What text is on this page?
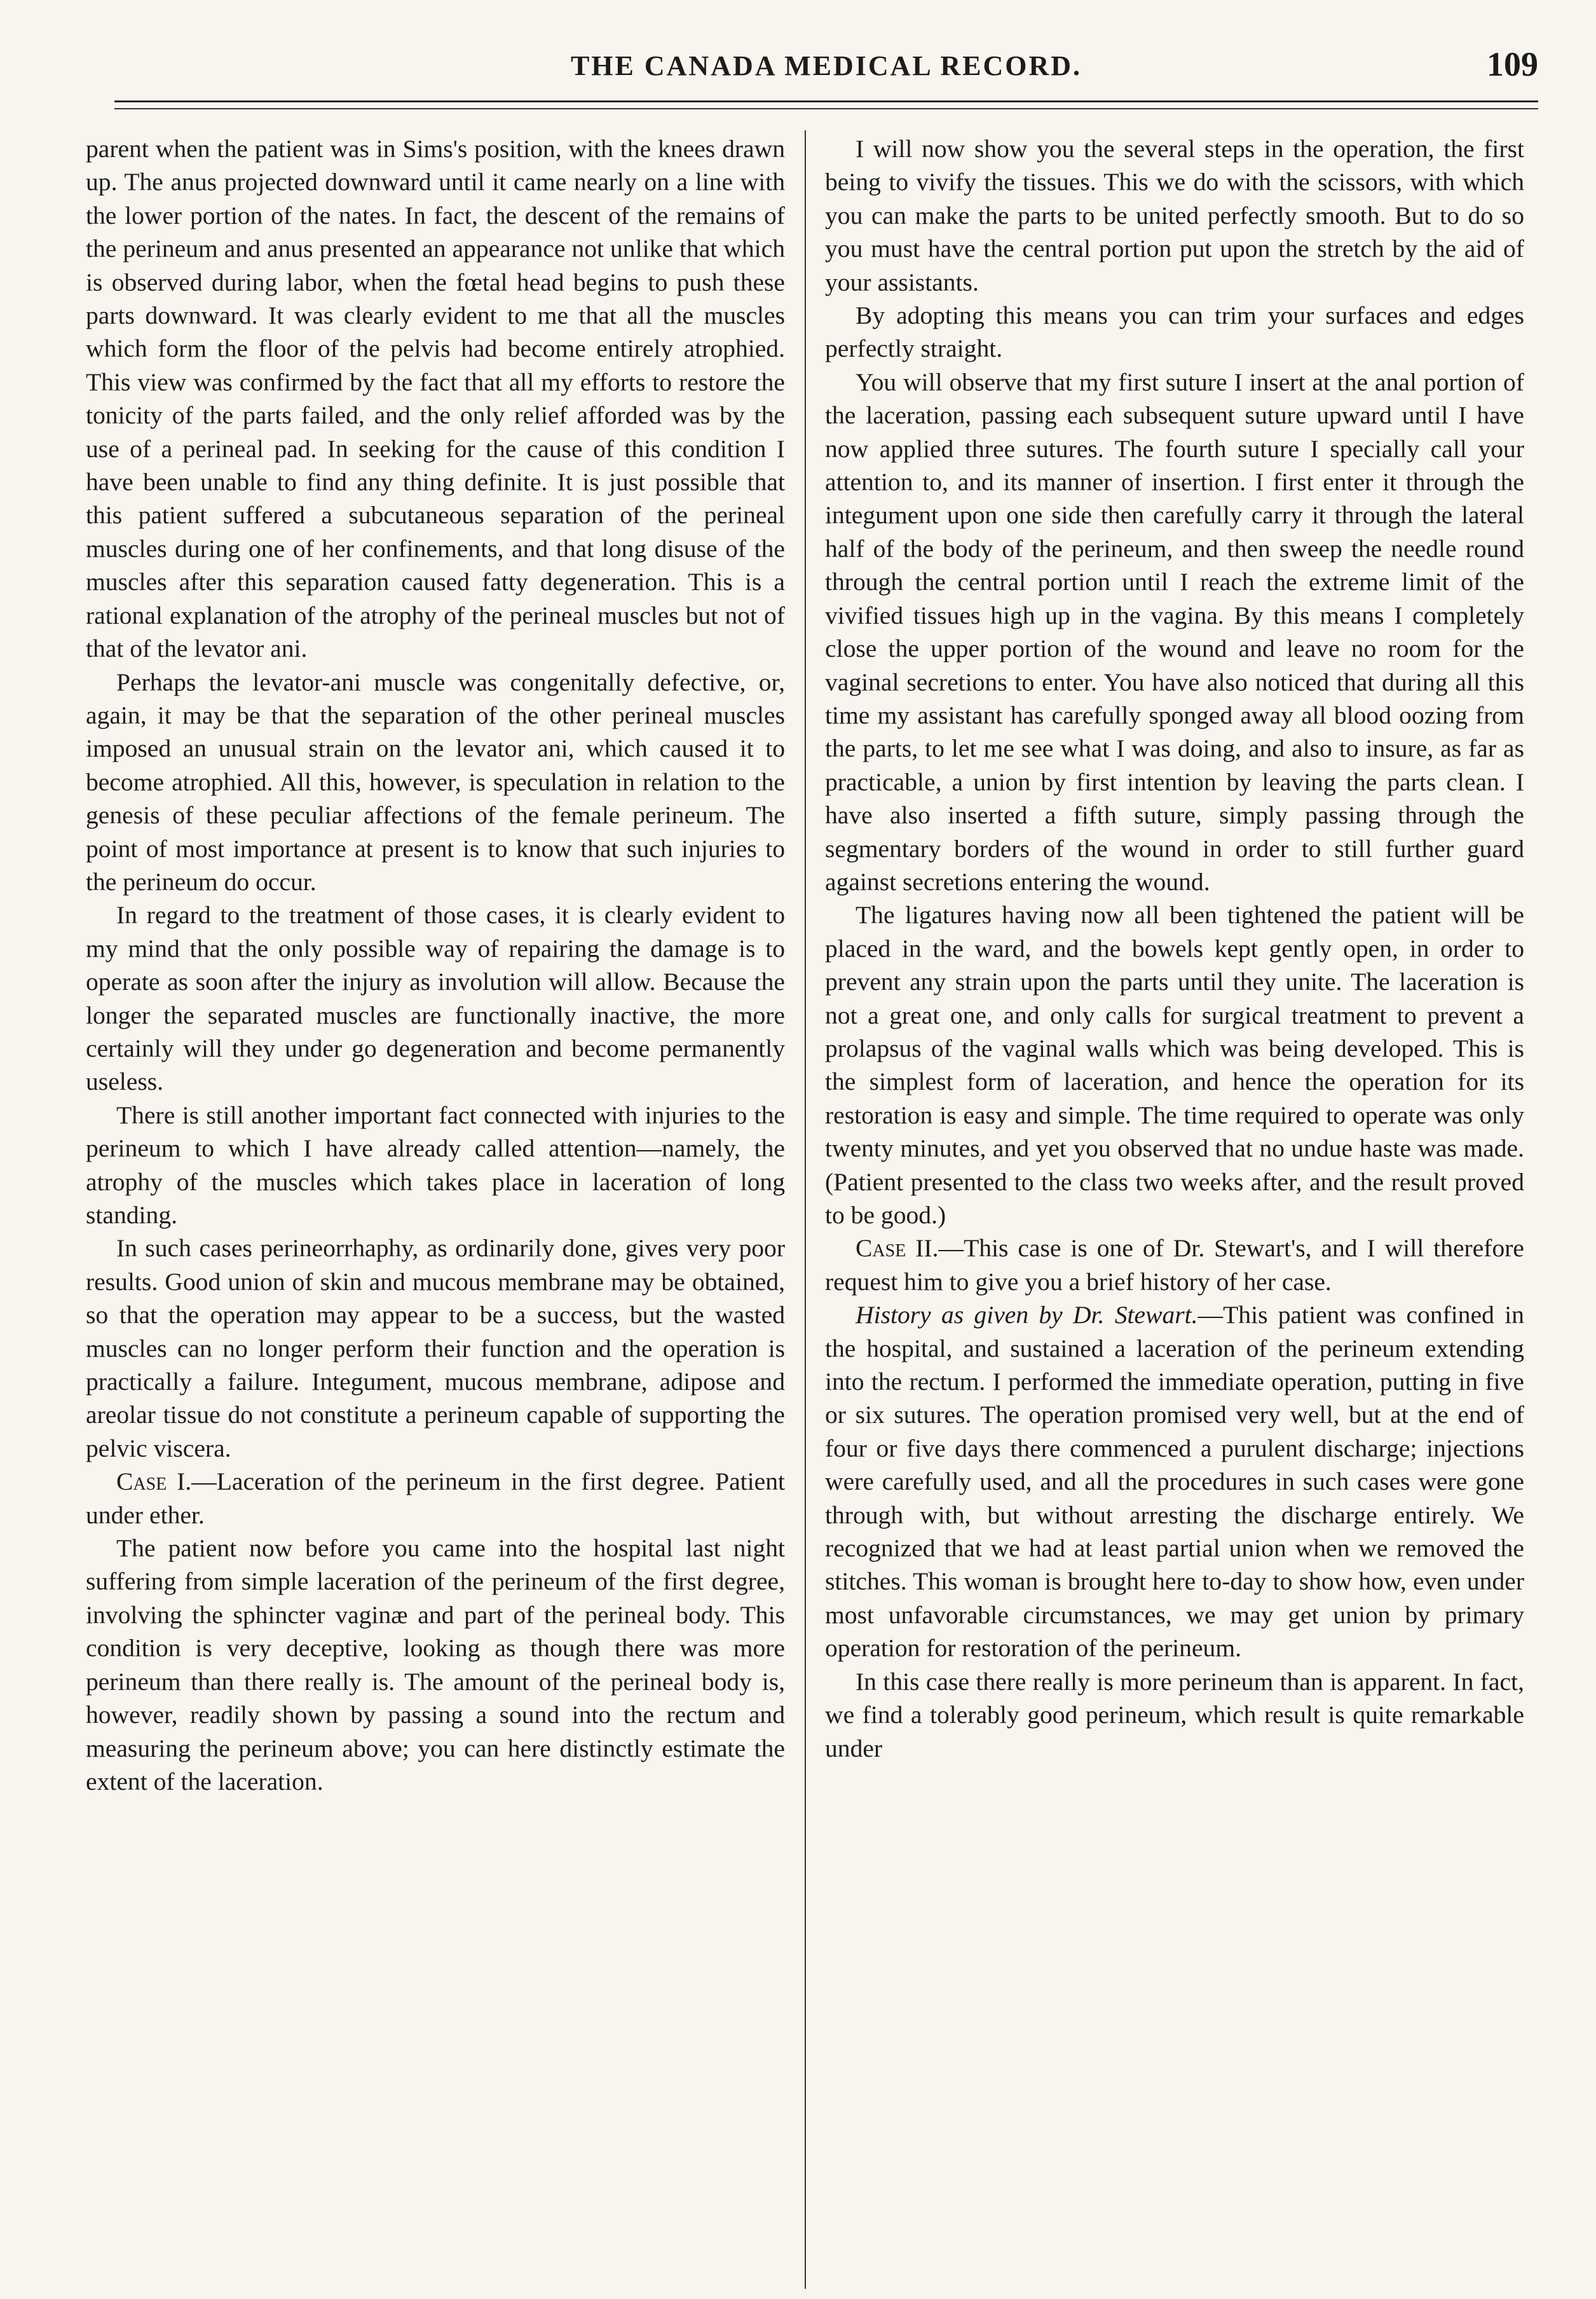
THE CANADA MEDICAL RECORD.	109

parent when the patient was in Sims's position, with the knees drawn up. The anus projected downward until it came nearly on a line with the lower portion of the nates. In fact, the descent of the remains of the perineum and anus presented an appearance not unlike that which is observed during labor, when the fœtal head begins to push these parts downward. It was clearly evident to me that all the muscles which form the floor of the pelvis had become entirely atrophied. This view was confirmed by the fact that all my efforts to restore the tonicity of the parts failed, and the only relief afforded was by the use of a perineal pad. In seeking for the cause of this condition I have been unable to find any thing definite. It is just possible that this patient suffered a subcutaneous separation of the perineal muscles during one of her confinements, and that long disuse of the muscles after this separation caused fatty degeneration. This is a rational explanation of the atrophy of the perineal muscles but not of that of the levator ani.

Perhaps the levator-ani muscle was congenitally defective, or, again, it may be that the separation of the other perineal muscles imposed an unusual strain on the levator ani, which caused it to become atrophied. All this, however, is speculation in relation to the genesis of these peculiar affections of the female perineum. The point of most importance at present is to know that such injuries to the perineum do occur.

In regard to the treatment of those cases, it is clearly evident to my mind that the only possible way of repairing the damage is to operate as soon after the injury as involution will allow. Because the longer the separated muscles are functionally inactive, the more certainly will they under go degeneration and become permanently useless.

There is still another important fact connected with injuries to the perineum to which I have already called attention—namely, the atrophy of the muscles which takes place in laceration of long standing.

In such cases perineorrhaphy, as ordinarily done, gives very poor results. Good union of skin and mucous membrane may be obtained, so that the operation may appear to be a success, but the wasted muscles can no longer perform their function and the operation is practically a failure. Integument, mucous membrane, adipose and areolar tissue do not constitute a perineum capable of supporting the pelvic viscera.

Case I.—Laceration of the perineum in the first degree. Patient under ether.

The patient now before you came into the hospital last night suffering from simple laceration of the perineum of the first degree, involving the sphincter vaginæ and part of the perineal body. This condition is very deceptive, looking as though there was more perineum than there really is. The amount of the perineal body is, however, readily shown by passing a sound into the rectum and measuring the perineum above; you can here distinctly estimate the extent of the laceration.

I will now show you the several steps in the operation, the first being to vivify the tissues. This we do with the scissors, with which you can make the parts to be united perfectly smooth. But to do so you must have the central portion put upon the stretch by the aid of your assistants.

By adopting this means you can trim your surfaces and edges perfectly straight.

You will observe that my first suture I insert at the anal portion of the laceration, passing each subsequent suture upward until I have now applied three sutures. The fourth suture I specially call your attention to, and its manner of insertion. I first enter it through the integument upon one side then carefully carry it through the lateral half of the body of the perineum, and then sweep the needle round through the central portion until I reach the extreme limit of the vivified tissues high up in the vagina. By this means I completely close the upper portion of the wound and leave no room for the vaginal secretions to enter. You have also noticed that during all this time my assistant has carefully sponged away all blood oozing from the parts, to let me see what I was doing, and also to insure, as far as practicable, a union by first intention by leaving the parts clean. I have also inserted a fifth suture, simply passing through the segmentary borders of the wound in order to still further guard against secretions entering the wound.

The ligatures having now all been tightened the patient will be placed in the ward, and the bowels kept gently open, in order to prevent any strain upon the parts until they unite. The laceration is not a great one, and only calls for surgical treatment to prevent a prolapsus of the vaginal walls which was being developed. This is the simplest form of laceration, and hence the operation for its restoration is easy and simple. The time required to operate was only twenty minutes, and yet you observed that no undue haste was made. (Patient presented to the class two weeks after, and the result proved to be good.)

Case II.—This case is one of Dr. Stewart's, and I will therefore request him to give you a brief history of her case.

History as given by Dr. Stewart.—This patient was confined in the hospital, and sustained a laceration of the perineum extending into the rectum. I performed the immediate operation, putting in five or six sutures. The operation promised very well, but at the end of four or five days there commenced a purulent discharge; injections were carefully used, and all the procedures in such cases were gone through with, but without arresting the discharge entirely. We recognized that we had at least partial union when we removed the stitches. This woman is brought here to-day to show how, even under most unfavorable circumstances, we may get union by primary operation for restoration of the perineum.

In this case there really is more perineum than is apparent. In fact, we find a tolerably good perineum, which result is quite remarkable under
